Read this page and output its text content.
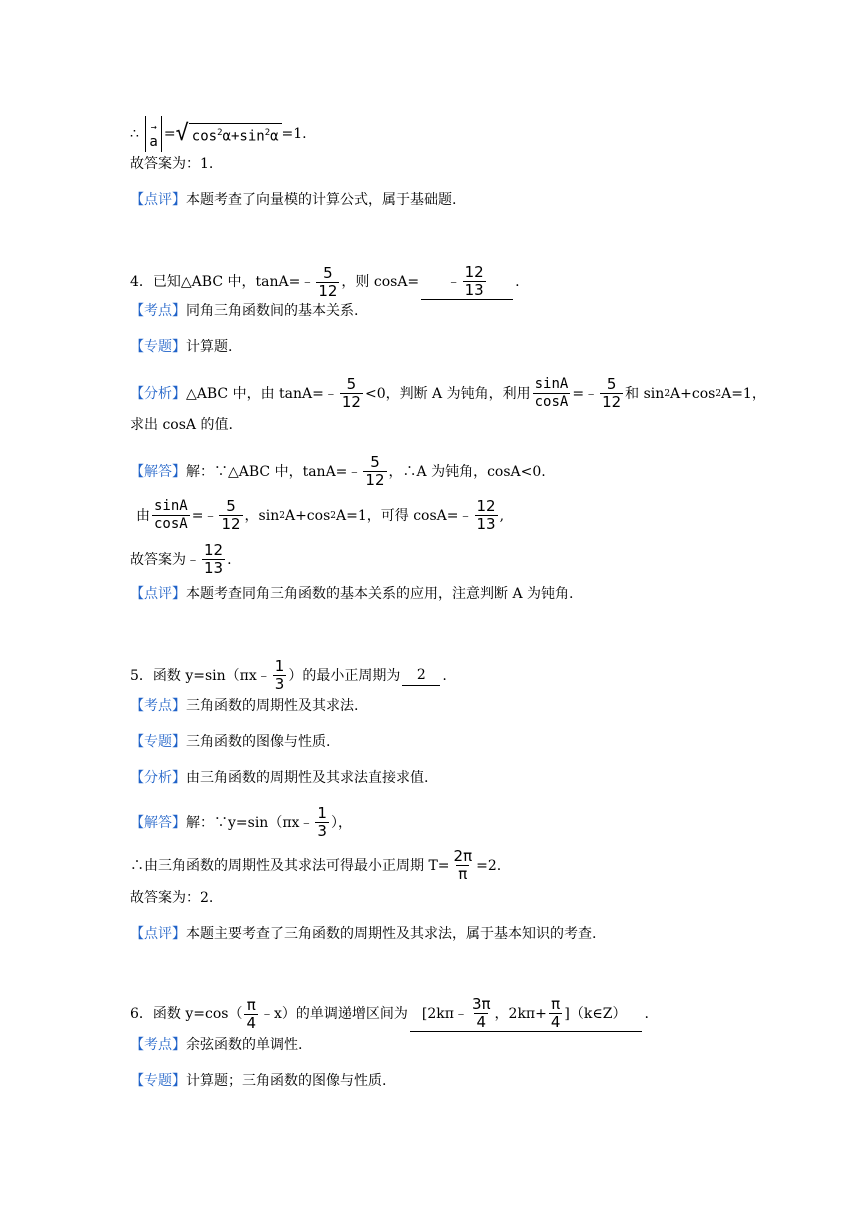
∴
→
a = √ $\cos^2\alpha+\sin^2\alpha =1$.
故答案为：1.
【点评】 本题考查了向量模的计算公式，属于基础题.
4．已知△ABC 中，tanA= ﹣ $\frac{5}{12}$ ，则 cosA= ﹣ $\frac{12}{13}$ .
【考点】 同角三角函数间的基本关系.
【专题】 计算题.
【分析】 △ABC 中，由 tanA= ﹣ $\frac{5}{12} <0$，判断 A 为钝角，利用 $\frac{\sin A}{\cos A}$ = ﹣ $\frac{5}{12}$ 和 sin 2 A+cos 2 A=1，
求出 cosA 的值.
【解答】 解：∵△ABC 中，tanA= ﹣ $\frac{5}{12}$ ，∴A 为钝角，cosA<0.
由 $\frac{\sin A}{\cos A}$ = ﹣ $\frac{5}{12}$ ，sin 2 A+cos 2 A=1，可得 cosA= ﹣ $\frac{12}{13}$ ,
故答案为 ﹣ $\frac{12}{13}$ .
【点评】 本题考查同角三角函数的基本关系的应用，注意判断 A 为钝角.
5．函数 y=sin（πx ﹣ $\frac{1}{3}$ ）的最小正周期为 2 .
【考点】 三角函数的周期性及其求法.
【专题】 三角函数的图像与性质.
【分析】 由三角函数的周期性及其求法直接求值.
【解答】 解：∵y=sin（πx ﹣ $\frac{1}{3}$ ），
∴由三角函数的周期性及其求法可得最小正周期 $T= \frac{2\pi}{\pi} =2$.
故答案为：2.
【点评】 本题主要考查了三角函数的周期性及其求法，属于基本知识的考查.
6．函数 $y=\cos( \frac{\pi}{4}$ ﹣x）的单调递增区间为 [2kπ ﹣ $\frac{3\pi}{4}$ ，$2k\pi+ \frac{\pi}{4}$ ]（k∈Z） .
【考点】 余弦函数的单调性.
【专题】 计算题；三角函数的图像与性质.
